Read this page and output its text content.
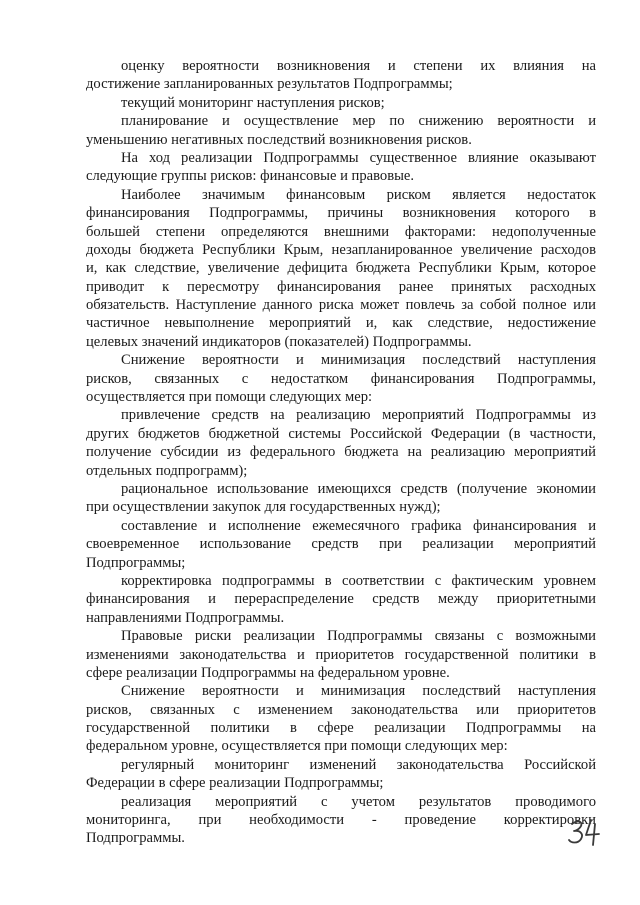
оценку вероятности возникновения и степени их влияния на
достижение запланированных результатов Подпрограммы;
текущий мониторинг наступления рисков;
планирование и осуществление мер по снижению вероятности и
уменьшению негативных последствий возникновения рисков.
На ход реализации Подпрограммы существенное влияние оказывают
следующие группы рисков: финансовые и правовые.
Наиболее значимым финансовым риском является недостаток
финансирования Подпрограммы, причины возникновения которого в
большей степени определяются внешними факторами: недополученные
доходы бюджета Республики Крым, незапланированное увеличение расходов
и, как следствие, увеличение дефицита бюджета Республики Крым, которое
приводит к пересмотру финансирования ранее принятых расходных
обязательств. Наступление данного риска может повлечь за собой полное или
частичное невыполнение мероприятий и, как следствие, недостижение
целевых значений индикаторов (показателей) Подпрограммы.
Снижение вероятности и минимизация последствий наступления
рисков, связанных с недостатком финансирования Подпрограммы,
осуществляется при помощи следующих мер:
привлечение средств на реализацию мероприятий Подпрограммы из
других бюджетов бюджетной системы Российской Федерации (в частности,
получение субсидии из федерального бюджета на реализацию мероприятий
отдельных подпрограмм);
рациональное использование имеющихся средств (получение экономии
при осуществлении закупок для государственных нужд);
составление и исполнение ежемесячного графика финансирования и
своевременное использование средств при реализации мероприятий
Подпрограммы;
корректировка подпрограммы в соответствии с фактическим уровнем
финансирования и перераспределение средств между приоритетными
направлениями Подпрограммы.
Правовые риски реализации Подпрограммы связаны с возможными
изменениями законодательства и приоритетов государственной политики в
сфере реализации Подпрограммы на федеральном уровне.
Снижение вероятности и минимизация последствий наступления
рисков, связанных с изменением законодательства или приоритетов
государственной политики в сфере реализации Подпрограммы на
федеральном уровне, осуществляется при помощи следующих мер:
регулярный мониторинг изменений законодательства Российской
Федерации в сфере реализации Подпрограммы;
реализация мероприятий с учетом результатов проводимого
мониторинга, при необходимости - проведение корректировки
Подпрограммы.
